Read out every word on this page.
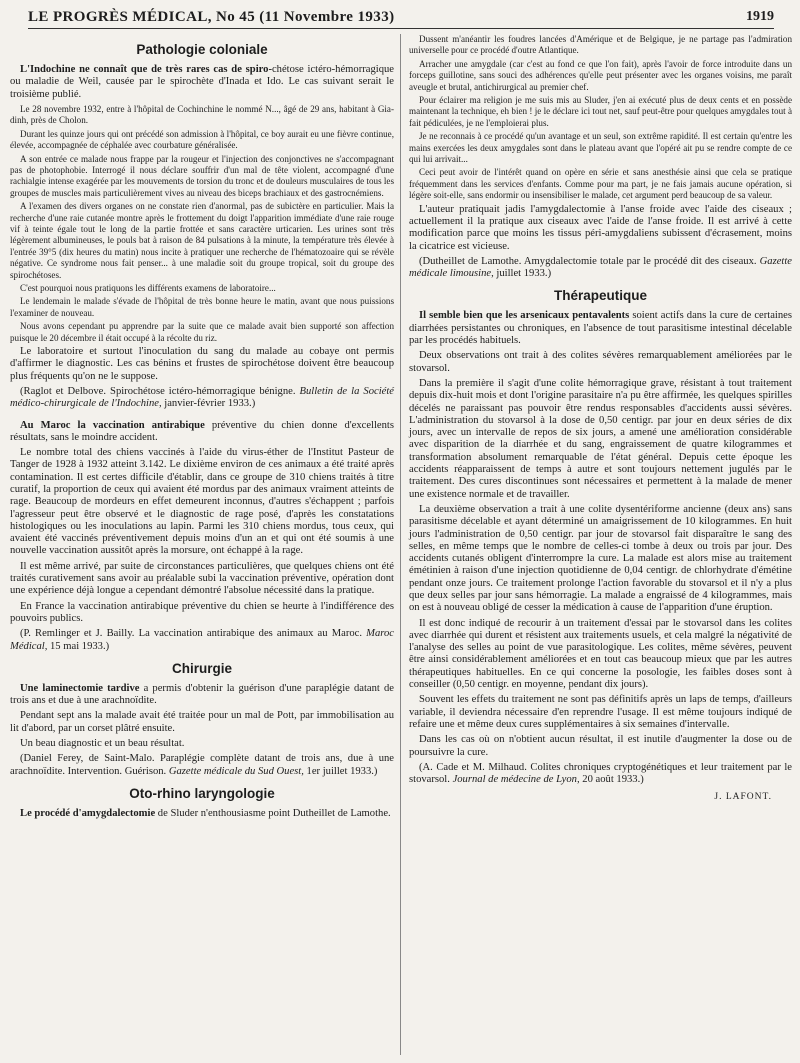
LE PROGRÈS MÉDICAL, No 45 (11 Novembre 1933)	1919
Pathologie coloniale

L'Indochine ne connaît que de très rares cas de spiro-chétose ictéro-hémorragique ou maladie de Weil, causée par le spirochète d'Inada et Ido. Le cas suivant serait le troisième publié.

Le 28 novembre 1932, entre à l'hôpital de Cochinchine le nommé N..., âgé de 29 ans, habitant à Gia-dinh, près de Cholon.

Durant les quinze jours qui ont précédé son admission à l'hôpital, ce boy aurait eu une fièvre continue, élevée, accompagnée de céphalée avec courbature généralisée.

A son entrée ce malade nous frappe par la rougeur et l'injection des conjonctives ne s'accompagnant pas de photophobie. Interrogé il nous déclare souffrir d'un mal de tête violent, accompagné d'une rachialgie intense exagérée par les mouvements de torsion du tronc et de douleurs musculaires de tous les groupes de muscles mais particulièrement vives au niveau des biceps brachiaux et des gastrocnémiens.

A l'examen des divers organes on ne constate rien d'anormal, pas de subictère en particulier. Mais la recherche d'une raie cutanée montre après le frottement du doigt l'apparition immédiate d'une raie rouge vif à teinte égale tout le long de la partie frottée et sans caractère urticarien. Les urines sont très légèrement albumineuses, le pouls bat à raison de 84 pulsations à la minute, la température très élevée à l'entrée 39°5 (dix heures du matin) nous incite à pratiquer une recherche de l'hématozoaire qui se révèle négative. Ce syndrome nous fait penser... à une maladie soit du groupe tropical, soit du groupe des spirochétoses.

C'est pourquoi nous pratiquons les différents examens de laboratoire...

Le lendemain le malade s'évade de l'hôpital de très bonne heure le matin, avant que nous puissions l'examiner de nouveau.

Nous avons cependant pu apprendre par la suite que ce malade avait bien supporté son affection puisque le 20 décembre il était occupé à la récolte du riz.

Le laboratoire et surtout l'inoculation du sang du malade au cobaye ont permis d'affirmer le diagnostic. Les cas bénins et frustes de spirochétose doivent être beaucoup plus fréquents qu'on ne le suppose.

(Raglot et Delbove. Spirochétose ictéro-hémorragique bénigne. Bulletin de la Société médico-chirurgicale de l'Indochine, janvier-février 1933.)

Au Maroc la vaccination antirabique préventive du chien donne d'excellents résultats, sans le moindre accident.

Le nombre total des chiens vaccinés à l'aide du virus-éther de l'Institut Pasteur de Tanger de 1928 à 1932 atteint 3.142. Le dixième environ de ces animaux a été traité après contamination. Il est certes difficile d'établir, dans ce groupe de 310 chiens traités à titre curatif, la proportion de ceux qui avaient été mordus par des animaux vraiment atteints de rage. Beaucoup de mordeurs en effet demeurent inconnus, d'autres s'échappent ; parfois l'agresseur peut être observé et le diagnostic de rage posé, d'après les constatations histologiques ou les inoculations au lapin. Parmi les 310 chiens mordus, tous ceux, qui avaient été vaccinés préventivement depuis moins d'un an et qui ont été soumis à une nouvelle vaccination aussitôt après la morsure, ont échappé à la rage.

Il est même arrivé, par suite de circonstances particulières, que quelques chiens ont été traités curativement sans avoir au préalable subi la vaccination préventive, opération dont une expérience déjà longue a cependant démontré l'absolue nécessité dans la pratique.

En France la vaccination antirabique préventive du chien se heurte à l'indifférence des pouvoirs publics.

(P. Remlinger et J. Bailly. La vaccination antirabique des animaux au Maroc. Maroc Médical, 15 mai 1933.)

Chirurgie

Une laminectomie tardive a permis d'obtenir la guérison d'une paraplégie datant de trois ans et due à une arachnoïdite.

Pendant sept ans la malade avait été traitée pour un mal de Pott, par immobilisation au lit d'abord, par un corset plâtré ensuite.

Un beau diagnostic et un beau résultat.

(Daniel Ferey, de Saint-Malo. Paraplégie complète datant de trois ans, due à une arachnoïdite. Intervention. Guérison. Gazette médicale du Sud Ouest, 1er juillet 1933.)

Oto-rhino laryngologie

Le procédé d'amygdalectomie de Sluder n'enthousiasme point Dutheillet de Lamothe.

Dussent m'anéantir les foudres lancées d'Amérique et de Belgique, je ne partage pas l'admiration universelle pour ce procédé d'outre Atlantique.

Arracher une amygdale (car c'est au fond ce que l'on fait), après l'avoir de force introduite dans un forceps guillotine, sans souci des adhérences qu'elle peut présenter avec les organes voisins, me paraît aveugle et brutal, antichirurgical au premier chef.

Pour éclairer ma religion je me suis mis au Sluder, j'en ai exécuté plus de deux cents et en possède maintenant la technique, eh bien ! je le déclare ici tout net, sauf peut-être pour quelques amygdales tout à fait pédiculées, je ne l'emploierai plus.

Je ne reconnais à ce procédé qu'un avantage et un seul, son extrême rapidité. Il est certain qu'entre les mains exercées les deux amygdales sont dans le plateau avant que l'opéré ait pu se rendre compte de ce qui lui arrivait...

Ceci peut avoir de l'intérêt quand on opère en série et sans anesthésie ainsi que cela se pratique fréquemment dans les services d'enfants. Comme pour ma part, je ne fais jamais aucune opération, si légère soit-elle, sans endormir ou insensibiliser le malade, cet argument perd beaucoup de sa valeur.

L'auteur pratiquait jadis l'amygdalectomie à l'anse froide avec l'aide des ciseaux ; actuellement il la pratique aux ciseaux avec l'aide de l'anse froide. Il est arrivé à cette modification parce que moins les tissus péri-amygdaliens subissent d'écrasement, moins la cicatrice est vicieuse.

(Dutheillet de Lamothe. Amygdalectomie totale par le procédé dit des ciseaux. Gazette médicale limousine, juillet 1933.)

Thérapeutique

Il semble bien que les arsenicaux pentavalents soient actifs dans la cure de certaines diarrhées persistantes ou chroniques, en l'absence de tout parasitisme intestinal décelable par les procédés habituels.

Deux observations ont trait à des colites sévères remarquablement améliorées par le stovarsol.

Dans la première il s'agit d'une colite hémorragique grave, résistant à tout traitement depuis dix-huit mois et dont l'origine parasitaire n'a pu être affirmée, les quelques spirilles décelés ne paraissant pas pouvoir être rendus responsables d'accidents aussi sévères. L'administration du stovarsol à la dose de 0,50 centigr. par jour en deux séries de dix jours, avec un intervalle de repos de six jours, a amené une amélioration considérable avec disparition de la diarrhée et du sang, engraissement de quatre kilogrammes et transformation absolument remarquable de l'état général. Depuis cette époque les accidents réapparaissent de temps à autre et sont toujours nettement jugulés par le traitement. Des cures discontinues sont nécessaires et permettent à la malade de mener une existence normale et de travailler.

La deuxième observation a trait à une colite dysentériforme ancienne (deux ans) sans parasitisme décelable et ayant déterminé un amaigrissement de 10 kilogrammes. En huit jours l'administration de 0,50 centigr. par jour de stovarsol fait disparaître le sang des selles, en même temps que le nombre de celles-ci tombe à deux ou trois par jour. Des accidents cutanés obligent d'interrompre la cure. La malade est alors mise au traitement émétinien à raison d'une injection quotidienne de 0,04 centigr. de chlorhydrate d'émétine pendant onze jours. Ce traitement prolonge l'action favorable du stovarsol et il n'y a plus que deux selles par jour sans hémorragie. La malade a engraissé de 4 kilogrammes, mais on est à nouveau obligé de cesser la médication à cause de l'apparition d'une éruption.

Il est donc indiqué de recourir à un traitement d'essai par le stovarsol dans les colites avec diarrhée qui durent et résistent aux traitements usuels, et cela malgré la négativité de l'analyse des selles au point de vue parasitologique. Les colites, même sévères, peuvent être ainsi considérablement améliorées et en tout cas beaucoup mieux que par les autres thérapeutiques habituelles. En ce qui concerne la posologie, les faibles doses sont à conseiller (0,50 centigr. en moyenne, pendant dix jours).

Souvent les effets du traitement ne sont pas définitifs après un laps de temps, d'ailleurs variable, il deviendra nécessaire d'en reprendre l'usage. Il est même toujours indiqué de refaire une et même deux cures supplémentaires à six semaines d'intervalle.

Dans les cas où on n'obtient aucun résultat, il est inutile d'augmenter la dose ou de poursuivre la cure.

(A. Cade et M. Milhaud. Colites chroniques cryptogénétiques et leur traitement par le stovarsol. Journal de médecine de Lyon, 20 août 1933.)

J. LAFONT.
